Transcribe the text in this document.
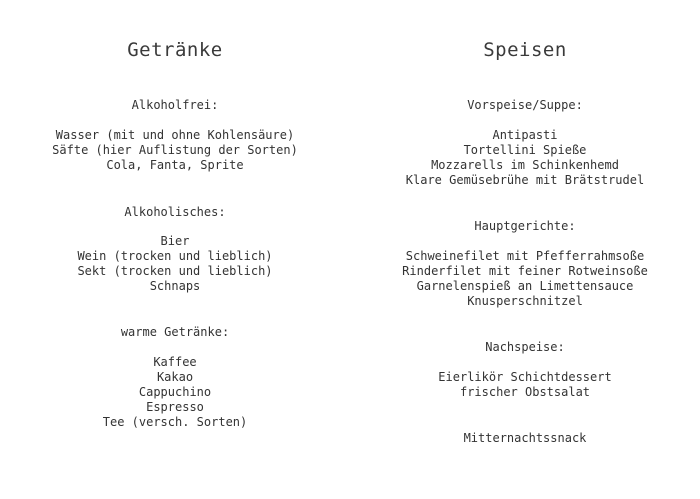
Getränke
Alkoholfrei:
Wasser (mit und ohne Kohlensäure)
Säfte (hier Auflistung der Sorten)
Cola, Fanta, Sprite
Alkoholisches:
Bier
Wein (trocken und lieblich)
Sekt (trocken und lieblich)
Schnaps
warme Getränke:
Kaffee
Kakao
Cappuchino
Espresso
Tee (versch. Sorten)
Speisen
Vorspeise/Suppe:
Antipasti
Tortellini Spieße
Mozzarells im Schinkenhemd
Klare Gemüsebrühe mit Brätstrudel
Hauptgerichte:
Schweinefilet mit Pfefferrahmsoße
Rinderfilet mit feiner Rotweinsoße
Garnelenspieß an Limettensauce
Knusperschnitzel
Nachspeise:
Eierlikör Schichtdessert
frischer Obstsalat
Mitternachtssnack
